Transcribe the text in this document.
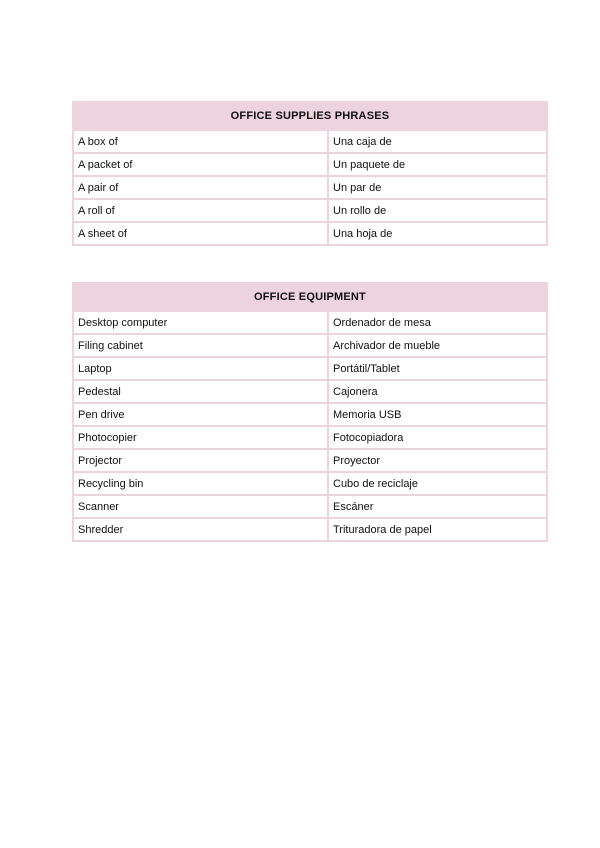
OFFICE SUPPLIES PHRASES	
A box of	Una caja de
A packet of	Un paquete de
A pair of	Un par de
A roll of	Un rollo de
A sheet of	Una hoja de
OFFICE EQUIPMENT	
Desktop computer	Ordenador de mesa
Filing cabinet	Archivador de mueble
Laptop	Portátil/Tablet
Pedestal	Cajonera
Pen drive	Memoria USB
Photocopier	Fotocopiadora
Projector	Proyector
Recycling bin	Cubo de reciclaje
Scanner	Escáner
Shredder	Trituradora de papel
